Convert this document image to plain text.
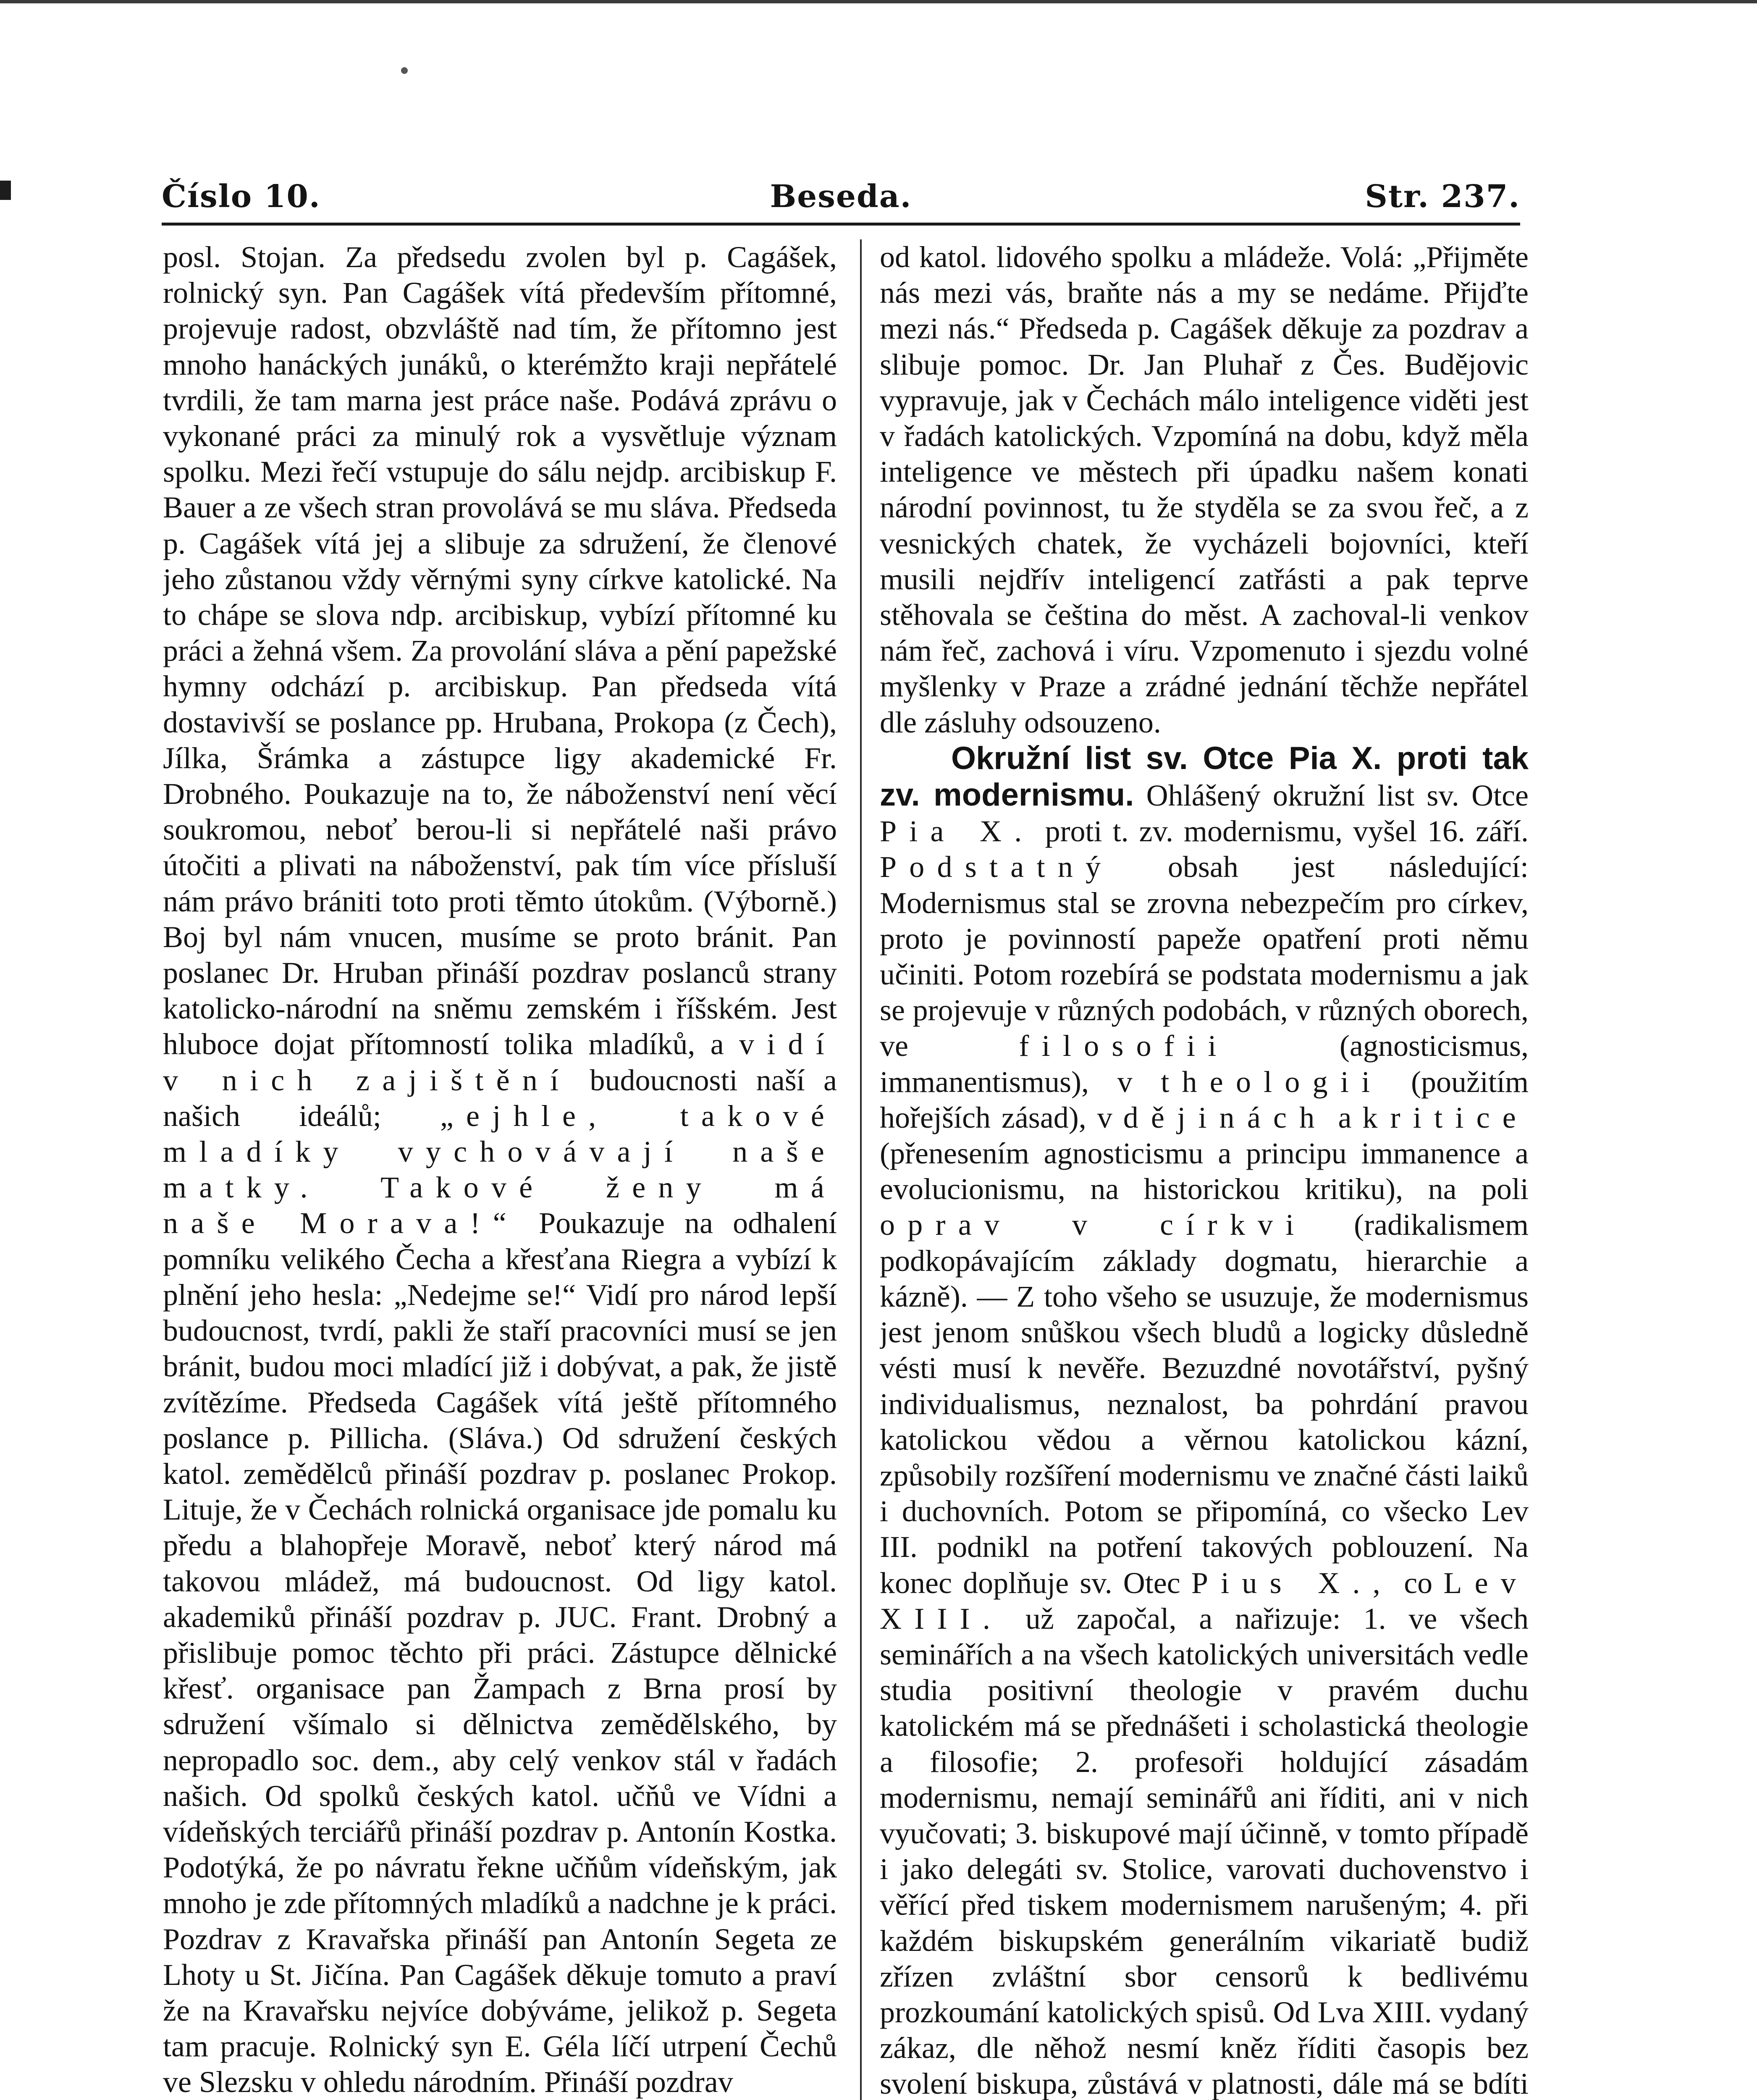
Číslo 10.	Beseda.	Str. 237.

posl. Stojan. Za předsedu zvolen byl p. Cagášek, rolnický syn. Pan Cagášek vítá především přítomné, projevuje radost, obzvláště nad tím, že přítomno jest mnoho hanáckých junáků, o kterémžto kraji nepřátelé tvrdili, že tam marna jest práce naše. Podává zprávu o vykonané práci za minulý rok a vysvětluje význam spolku. Mezi řečí vstupuje do sálu nejdp. arcibiskup F. Bauer a ze všech stran provolává se mu sláva. Předseda p. Cagášek vítá jej a slibuje za sdružení, že členové jeho zůstanou vždy věrnými syny církve katolické. Na to chápe se slova ndp. arcibiskup, vybízí přítomné ku práci a žehná všem. Za provolání sláva a pění papežské hymny odchází p. arcibiskup. Pan předseda vítá dostavivší se poslance pp. Hrubana, Prokopa (z Čech), Jílka, Šrámka a zástupce ligy akademické Fr. Drobného. Poukazuje na to, že náboženství není věcí soukromou, neboť berou-li si nepřátelé naši právo útočiti a plivati na náboženství, pak tím více přísluší nám právo brániti toto proti těmto útokům. (Výborně.) Boj byl nám vnucen, musíme se proto bránit. Pan poslanec Dr. Hruban přináší pozdrav poslanců strany katolicko-národní na sněmu zemském i říšském. Jest hluboce dojat přítomností tolika mladíků, a vidí v nich zajištění budoucnosti naší a našich ideálů; „ejhle, takové mladíky vychovávají naše matky. Takové ženy má naše Morava!“ Poukazuje na odhalení pomníku velikého Čecha a křesťana Riegra a vybízí k plnění jeho hesla: „Nedejme se!“ Vidí pro národ lepší budoucnost, tvrdí, pakli že staří pracovníci musí se jen bránit, budou moci mladící již i dobývat, a pak, že jistě zvítězíme. Předseda Cagášek vítá ještě přítomného poslance p. Pillicha. (Sláva.) Od sdružení českých katol. zemědělců přináší pozdrav p. poslanec Prokop. Lituje, že v Čechách rolnická organisace jde pomalu ku předu a blahopřeje Moravě, neboť který národ má takovou mládež, má budoucnost. Od ligy katol. akademiků přináší pozdrav p. JUC. Frant. Drobný a přislibuje pomoc těchto při práci. Zástupce dělnické křesť. organisace pan Žampach z Brna prosí by sdružení všímalo si dělnictva zemědělského, by nepropadlo soc. dem., aby celý venkov stál v řadách našich. Od spolků českých katol. učňů ve Vídni a vídeňských terciářů přináší pozdrav p. Antonín Kostka. Podotýká, že po návratu řekne učňům vídeňským, jak mnoho je zde přítomných mladíků a nadchne je k práci. Pozdrav z Kravařska přináší pan Antonín Segeta ze Lhoty u St. Jičína. Pan Cagášek děkuje tomuto a praví že na Kravařsku nejvíce dobýváme, jelikož p. Segeta tam pracuje. Rolnický syn E. Géla líčí utrpení Čechů ve Slezsku v ohledu národním. Přináší pozdrav

od katol. lidového spolku a mládeže. Volá: „Přijměte nás mezi vás, braňte nás a my se nedáme. Přijďte mezi nás.“ Předseda p. Cagášek děkuje za pozdrav a slibuje pomoc. Dr. Jan Pluhař z Čes. Budějovic vypravuje, jak v Čechách málo inteligence viděti jest v řadách katolických. Vzpomíná na dobu, když měla inteligence ve městech při úpadku našem konati národní povinnost, tu že styděla se za svou řeč, a z vesnických chatek, že vycházeli bojovníci, kteří musili nejdřív inteligencí zatřásti a pak teprve stěhovala se čeština do měst. A zachoval-li venkov nám řeč, zachová i víru. Vzpomenuto i sjezdu volné myšlenky v Praze a zrádné jednání těchže nepřátel dle zásluhy odsouzeno.

Okružní list sv. Otce Pia X. proti tak zv. modernismu. Ohlášený okružní list sv. Otce Pia X. proti t. zv. modernismu, vyšel 16. září. Podstatný obsah jest následující: Modernismus stal se zrovna nebezpečím pro církev, proto je povinností papeže opatření proti němu učiniti. Potom rozebírá se podstata modernismu a jak se projevuje v různých podobách, v různých oborech, ve	filosofii	(agnosticismus, immanentismus), v theologii (použitím hořejších zásad), v dějinách a kritice (přenesením agnosticismu a principu immanence a evolucionismu, na historickou kritiku), na poli oprav v církvi (radikalismem podkopávajícím základy dogmatu, hierarchie a kázně). — Z toho všeho se usuzuje, že modernismus jest jenom snůškou všech bludů a logicky důsledně vésti musí k nevěře. Bezuzdné novotářství, pyšný individualismus, neznalost, ba pohrdání pravou katolickou vědou a věrnou katolickou kázní, způsobily rozšíření modernismu ve značné části laiků i duchovních. Potom se připomíná, co všecko Lev III. podnikl na potření takových poblouzení. Na konec doplňuje sv. Otec Pius X., co Lev XIII. už započal, a nařizuje: 1. ve všech seminářích a na všech katolických universitách vedle studia positivní theologie v pravém duchu katolickém má se přednášeti i scholastická theologie a filosofie; 2. profesoři holdující zásadám modernismu, nemají seminářů ani říditi, ani v nich vyučovati; 3. biskupové mají účinně, v tomto případě i jako delegáti sv. Stolice, varovati duchovenstvo i věřící před tiskem modernismem narušeným; 4. při každém biskupském generálním vikariatě budiž zřízen zvláštní sbor censorů k bedlivému prozkoumání katolických spisů. Od Lva XIII. vydaný zákaz, dle něhož nesmí kněz říditi časopis bez svolení biskupa, zůstává v platnosti, dále má se bdíti
